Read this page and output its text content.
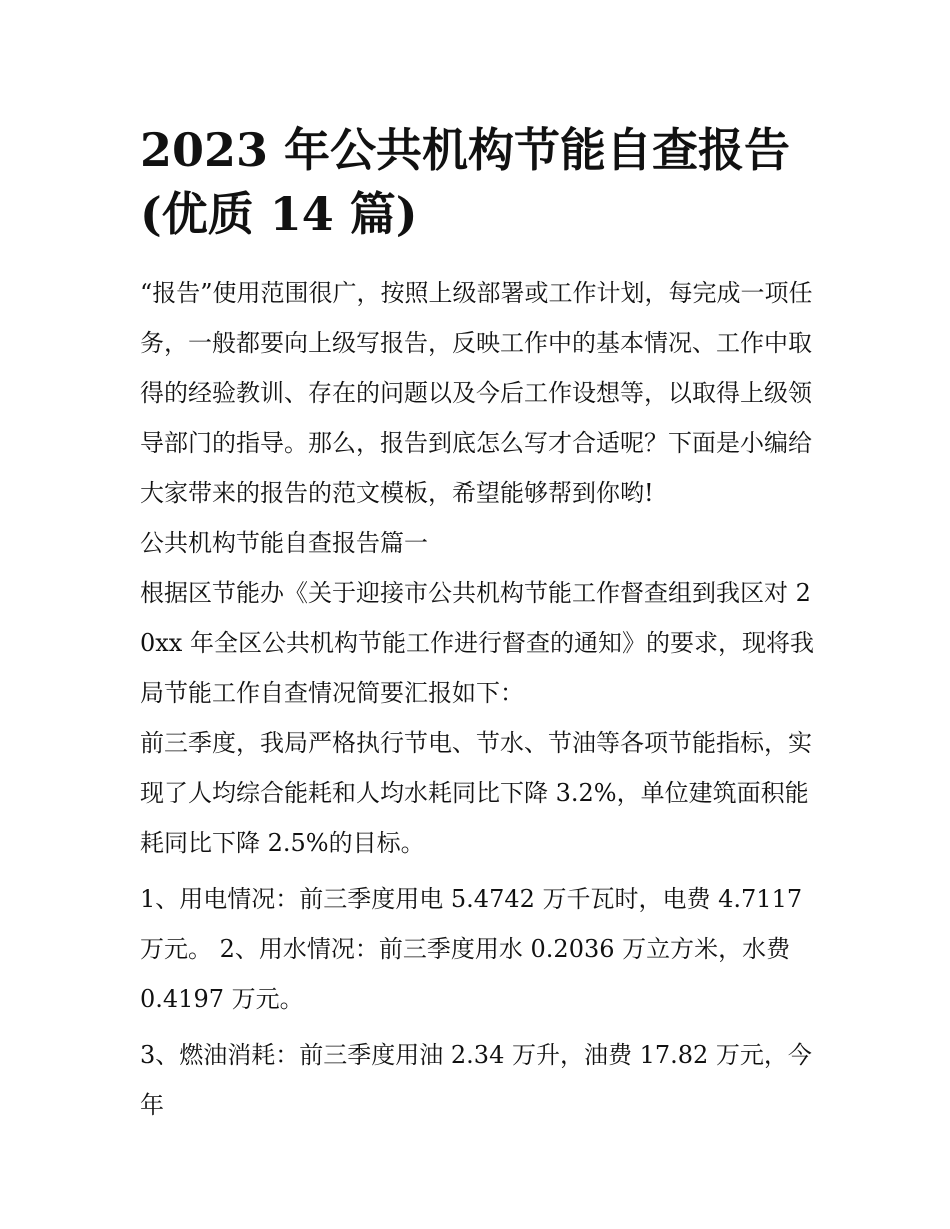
2023 年公共机构节能自查报告
(优质 14 篇)

“报告”使用范围很广，按照上级部署或工作计划，每完成一项任务，一般都要向上级写报告，反映工作中的基本情况、工作中取得的经验教训、存在的问题以及今后工作设想等，以取得上级领导部门的指导。那么，报告到底怎么写才合适呢？下面是小编给大家带来的报告的范文模板，希望能够帮到你哟!

公共机构节能自查报告篇一

根据区节能办《关于迎接市公共机构节能工作督查组到我区对 20xx 年全区公共机构节能工作进行督查的通知》的要求，现将我局节能工作自查情况简要汇报如下：

前三季度，我局严格执行节电、节水、节油等各项节能指标，实现了人均综合能耗和人均水耗同比下降 3.2%，单位建筑面积能耗同比下降 2.5%的目标。

1、用电情况：前三季度用电 5.4742 万千瓦时，电费 4.7117 万元。 2、用水情况：前三季度用水 0.2036 万立方米，水费 0.4197 万元。

3、燃油消耗：前三季度用油 2.34 万升，油费 17.82 万元，今年
